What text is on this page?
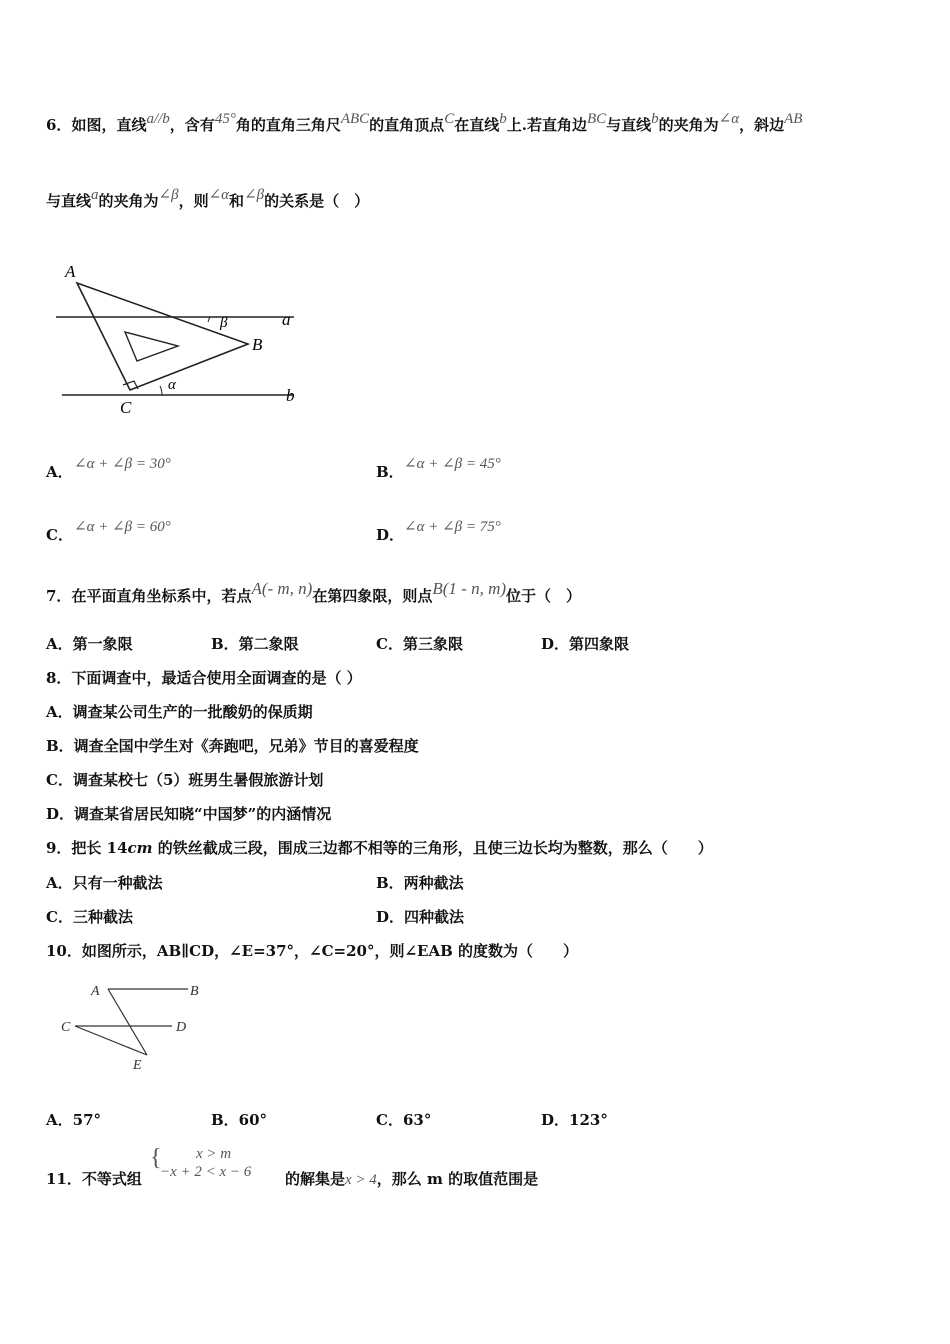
6．如图，直线a//b，含有45°角的直角三角尺ABC的直角顶点C在直线b上.若直角边BC与直线b的夹角为∠α，斜边AB
与直线a的夹角为∠β，则∠α和∠β的关系是（　）
A
B
C
a
b
β
α
A． ∠α + ∠β = 30°	B． ∠α + ∠β = 45°
C． ∠α + ∠β = 60°	D． ∠α + ∠β = 75°
7．在平面直角坐标系中，若点A(- m, n)在第四象限，则点B(1 - n, m)位于（　）
A．第一象限	B．第二象限	C．第三象限	D．第四象限
8．下面调查中，最适合使用全面调查的是（ ）
A．调查某公司生产的一批酸奶的保质期
B．调查全国中学生对《奔跑吧，兄弟》节目的喜爱程度
C．调查某校七（5）班男生暑假旅游计划
D．调查某省居民知晓“中国梦”的内涵情况
9．把长 14cm 的铁丝截成三段，围成三边都不相等的三角形，且使三边长均为整数，那么（　　）
A．只有一种截法	B．两种截法
C．三种截法	D．四种截法
10．如图所示，AB∥CD，∠E=37°，∠C=20°，则∠EAB 的度数为（　　）
A	B
C	D
E
A．57°	B．60°	C．63°	D．123°
11．不等式组
{ x > m
−x + 2 < x − 6 的解集是x > 4，那么 m 的取值范围是
